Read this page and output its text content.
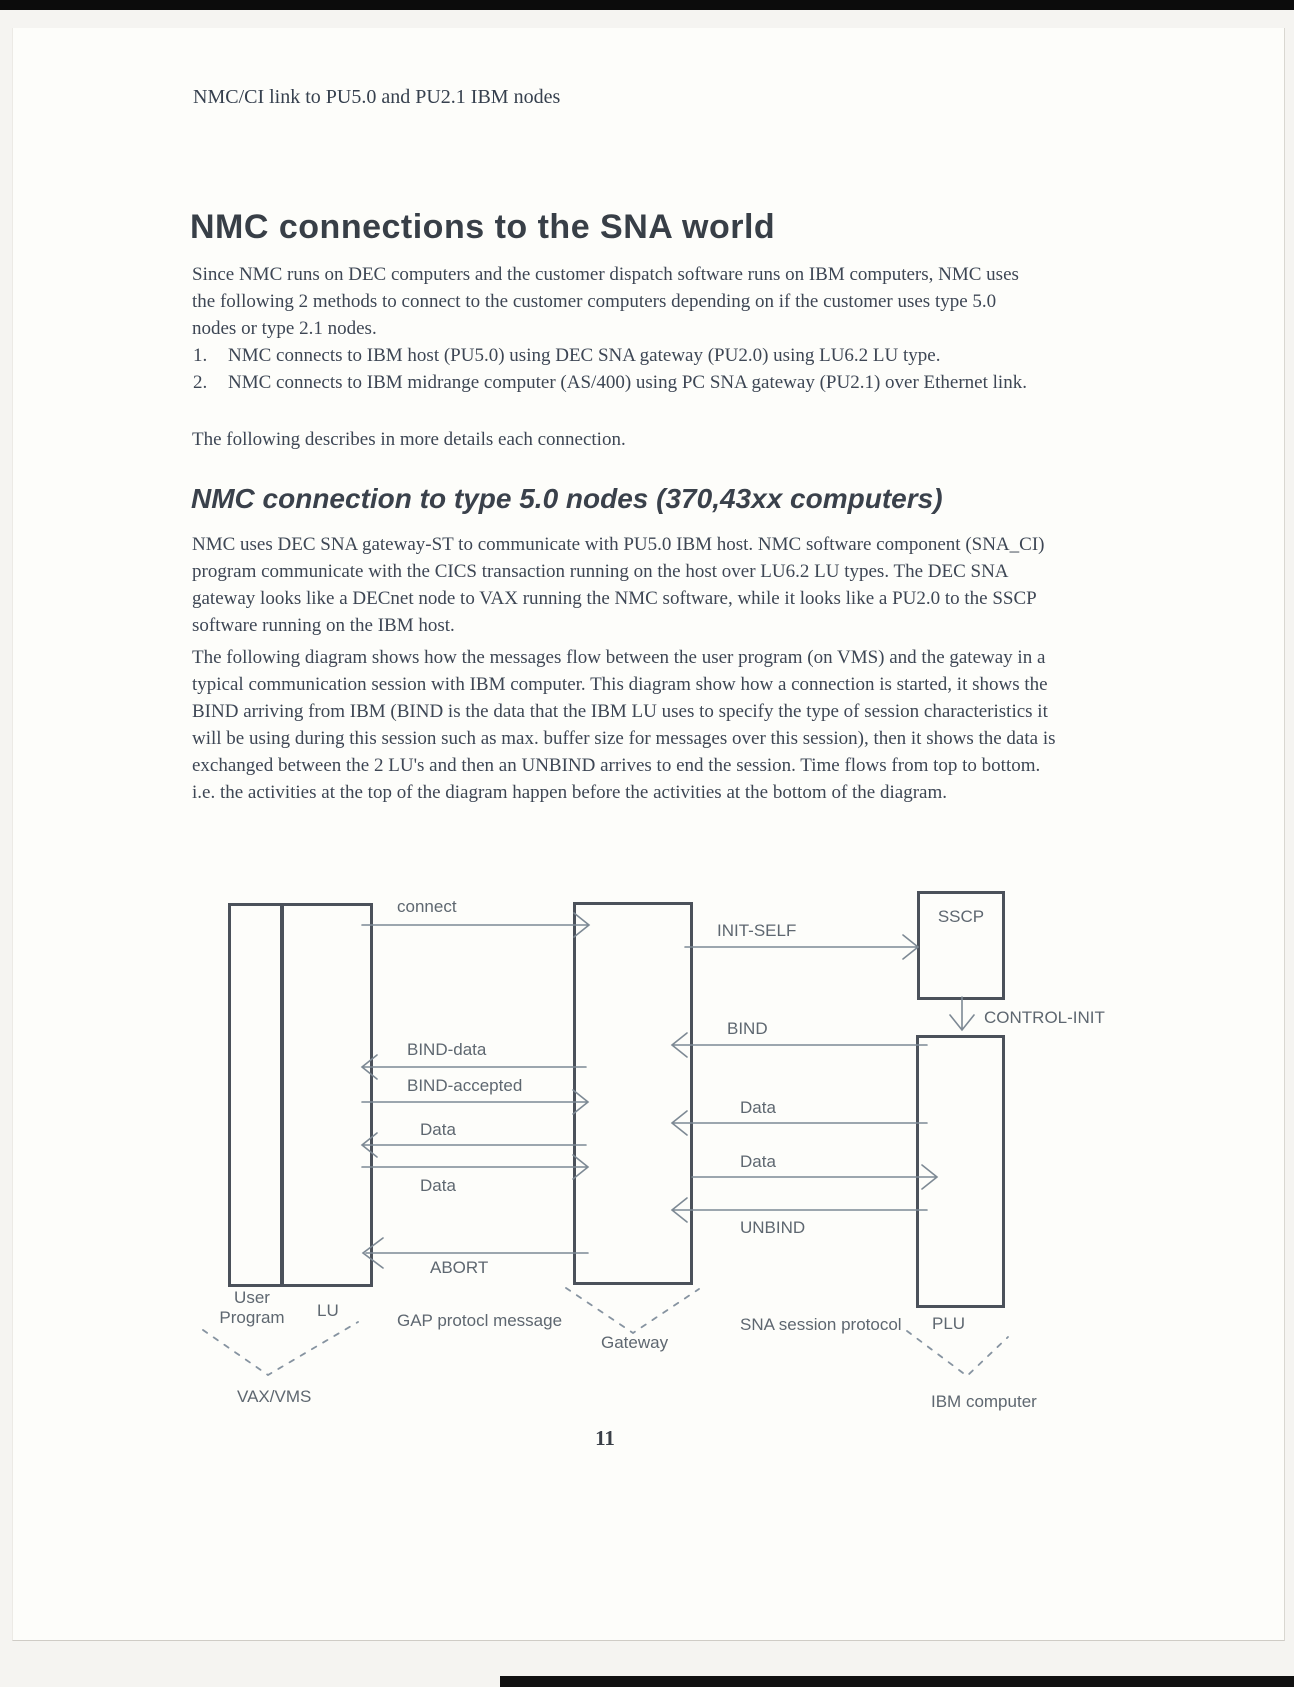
NMC/CI link to PU5.0 and PU2.1 IBM nodes
NMC connections to the SNA world
Since NMC runs on DEC computers and the customer dispatch software runs on IBM computers, NMC uses the following 2 methods to connect to the customer computers depending on if the customer uses type 5.0 nodes or type 2.1 nodes.
1.	NMC connects to IBM host (PU5.0) using DEC SNA gateway (PU2.0) using LU6.2 LU type.
2.	NMC connects to IBM midrange computer (AS/400) using PC SNA gateway (PU2.1) over Ethernet link.
The following describes in more details each connection.
NMC connection to type 5.0 nodes (370,43xx computers)
NMC uses DEC SNA gateway-ST to communicate with PU5.0 IBM host. NMC software component (SNA_CI) program communicate with the CICS transaction running on the host over LU6.2 LU types. The DEC SNA gateway looks like a DECnet node to VAX running the NMC software, while it looks like a PU2.0 to the SSCP software running on the IBM host.
The following diagram shows how the messages flow between the user program (on VMS) and the gateway in a typical communication session with IBM computer. This diagram show how a connection is started, it shows the BIND arriving from IBM (BIND is the data that the IBM LU uses to specify the type of session characteristics it will be using during this session such as max. buffer size for messages over this session), then it shows the data is exchanged between the 2 LU's and then an UNBIND arrives to end the session. Time flows from top to bottom. i.e. the activities at the top of the diagram happen before the activities at the bottom of the diagram.
SSCP
connect
INIT-SELF
CONTROL-INIT
BIND
BIND-data
BIND-accepted
Data
Data
Data
Data
UNBIND
ABORT
User Program	LU
GAP protocl message
Gateway
SNA session protocol PLU
VAX/VMS	IBM computer
11
